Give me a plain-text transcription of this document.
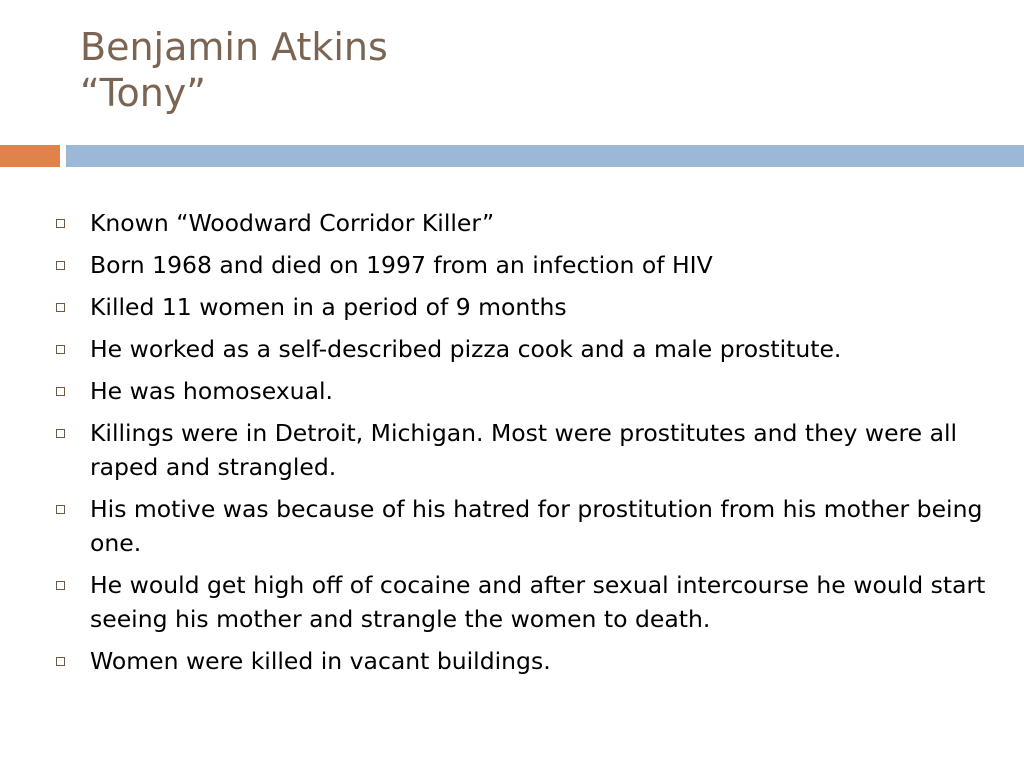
Benjamin Atkins
“Tony”
Known “Woodward Corridor Killer”
Born 1968 and died on 1997 from an infection of HIV
Killed 11 women in a period of 9 months
He worked as a self-described pizza cook and a male prostitute.
He was homosexual.
Killings were in Detroit, Michigan. Most were prostitutes and they were all raped and strangled.
His motive was because of his hatred for prostitution from his mother being one.
He would get high off of cocaine and after sexual intercourse he would start seeing his mother and strangle the women to death.
Women were killed in vacant buildings.
